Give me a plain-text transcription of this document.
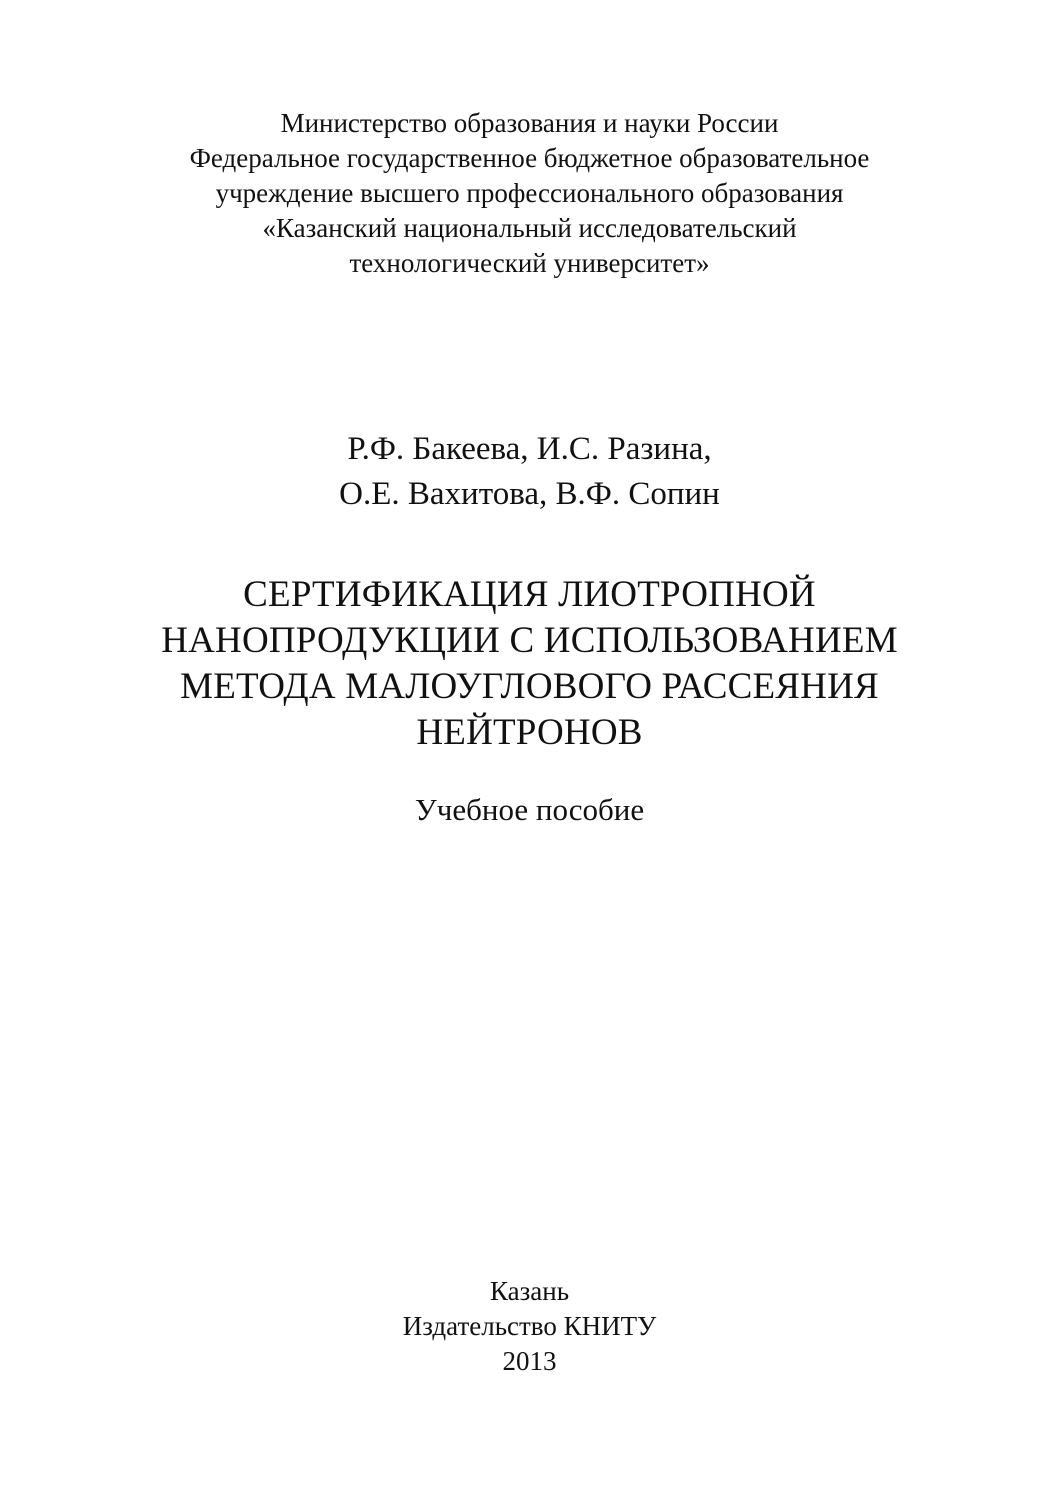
Министерство образования и науки России
Федеральное государственное бюджетное образовательное
учреждение высшего профессионального образования
«Казанский национальный исследовательский
технологический университет»
Р.Ф. Бакеева, И.С. Разина,
О.Е. Вахитова, В.Ф. Сопин
СЕРТИФИКАЦИЯ ЛИОТРОПНОЙ
НАНОПРОДУКЦИИ С ИСПОЛЬЗОВАНИЕМ
МЕТОДА МАЛОУГЛОВОГО РАССЕЯНИЯ
НЕЙТРОНОВ
Учебное пособие
Казань
Издательство КНИТУ
2013
